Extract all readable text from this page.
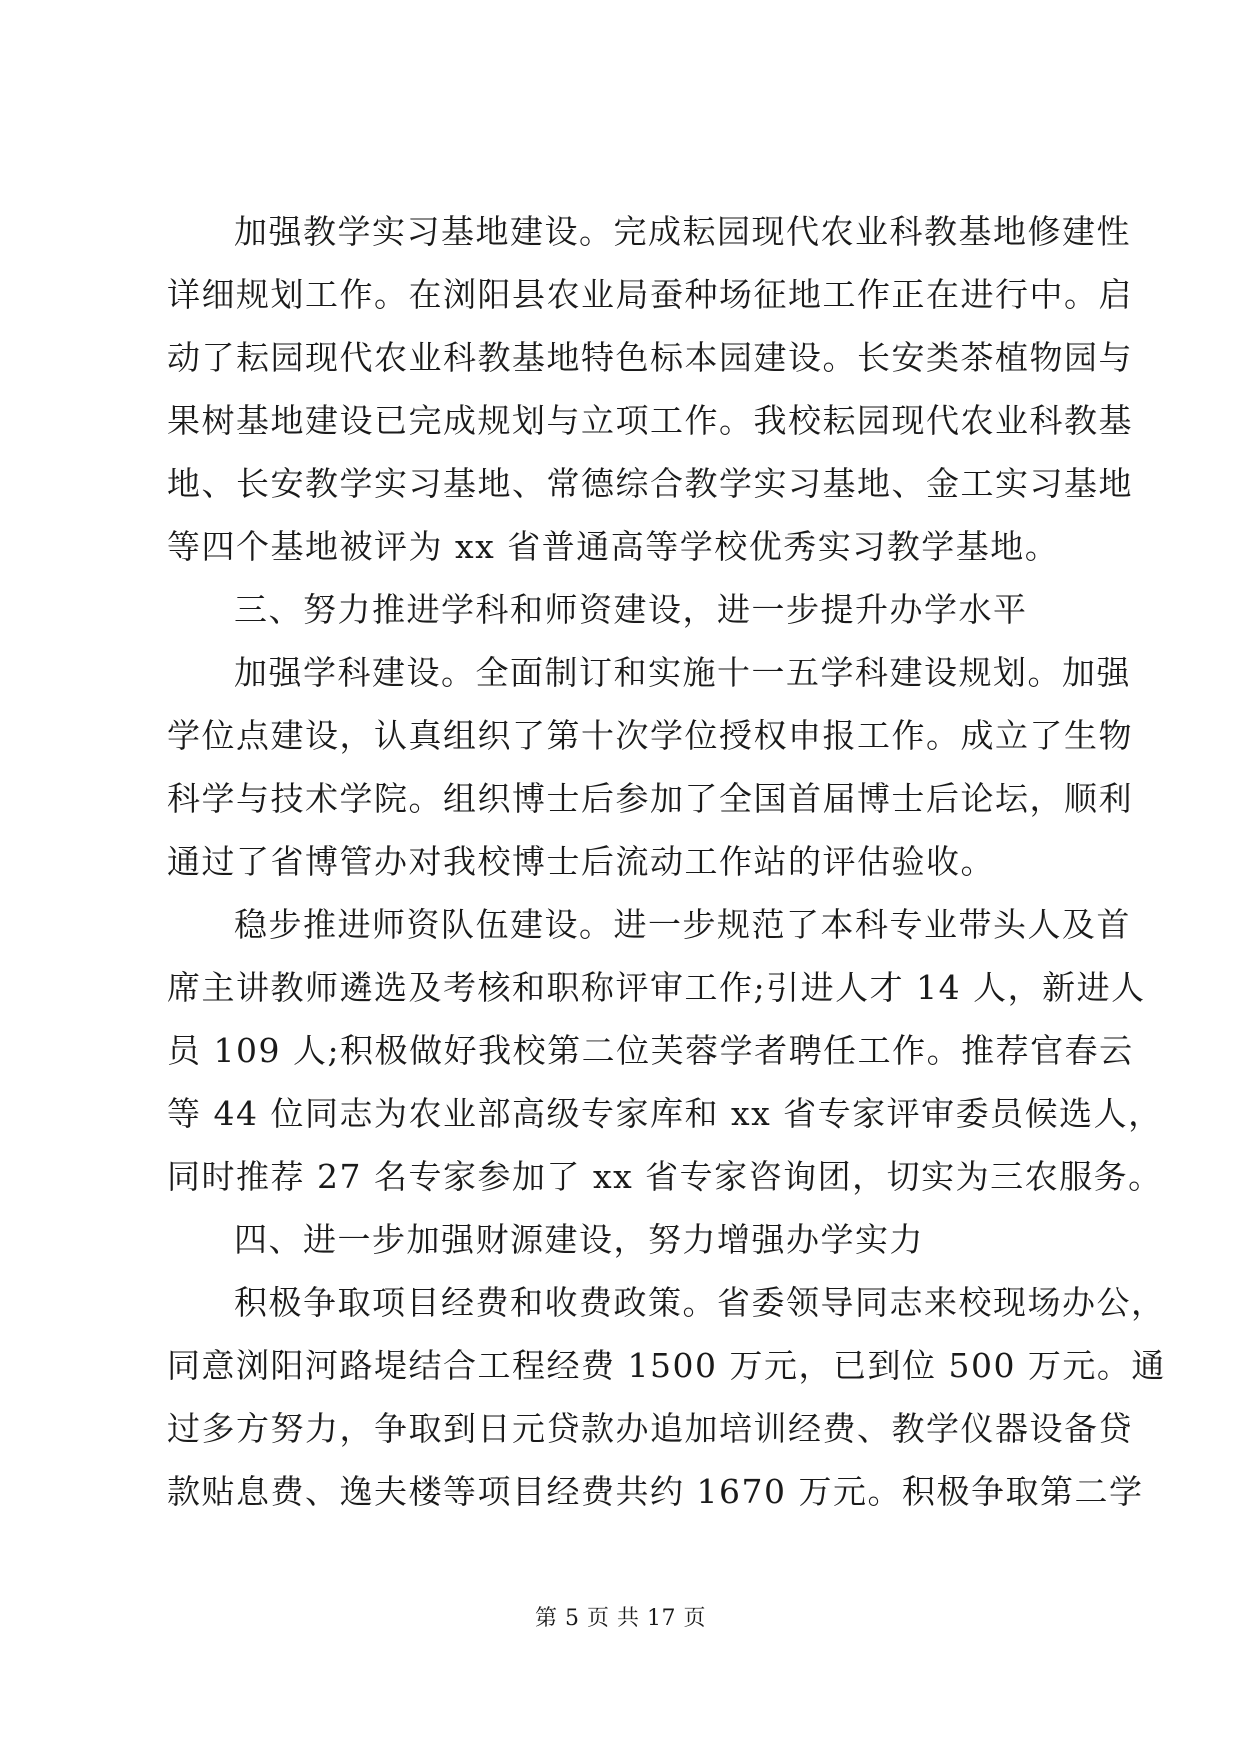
加强教学实习基地建设。完成耘园现代农业科教基地修建性
详细规划工作。在浏阳县农业局蚕种场征地工作正在进行中。启
动了耘园现代农业科教基地特色标本园建设。长安类茶植物园与
果树基地建设已完成规划与立项工作。我校耘园现代农业科教基
地、长安教学实习基地、常德综合教学实习基地、金工实习基地
等四个基地被评为 xx 省普通高等学校优秀实习教学基地。
三、努力推进学科和师资建设，进一步提升办学水平
加强学科建设。全面制订和实施十一五学科建设规划。加强
学位点建设，认真组织了第十次学位授权申报工作。成立了生物
科学与技术学院。组织博士后参加了全国首届博士后论坛，顺利
通过了省博管办对我校博士后流动工作站的评估验收。
稳步推进师资队伍建设。进一步规范了本科专业带头人及首
席主讲教师遴选及考核和职称评审工作;引进人才 14 人，新进人
员 109 人;积极做好我校第二位芙蓉学者聘任工作。推荐官春云
等 44 位同志为农业部高级专家库和 xx 省专家评审委员候选人，
同时推荐 27 名专家参加了 xx 省专家咨询团，切实为三农服务。
四、进一步加强财源建设，努力增强办学实力
积极争取项目经费和收费政策。省委领导同志来校现场办公，
同意浏阳河路堤结合工程经费 1500 万元，已到位 500 万元。通
过多方努力，争取到日元贷款办追加培训经费、教学仪器设备贷
款贴息费、逸夫楼等项目经费共约 1670 万元。积极争取第二学
第 5 页 共 17 页
